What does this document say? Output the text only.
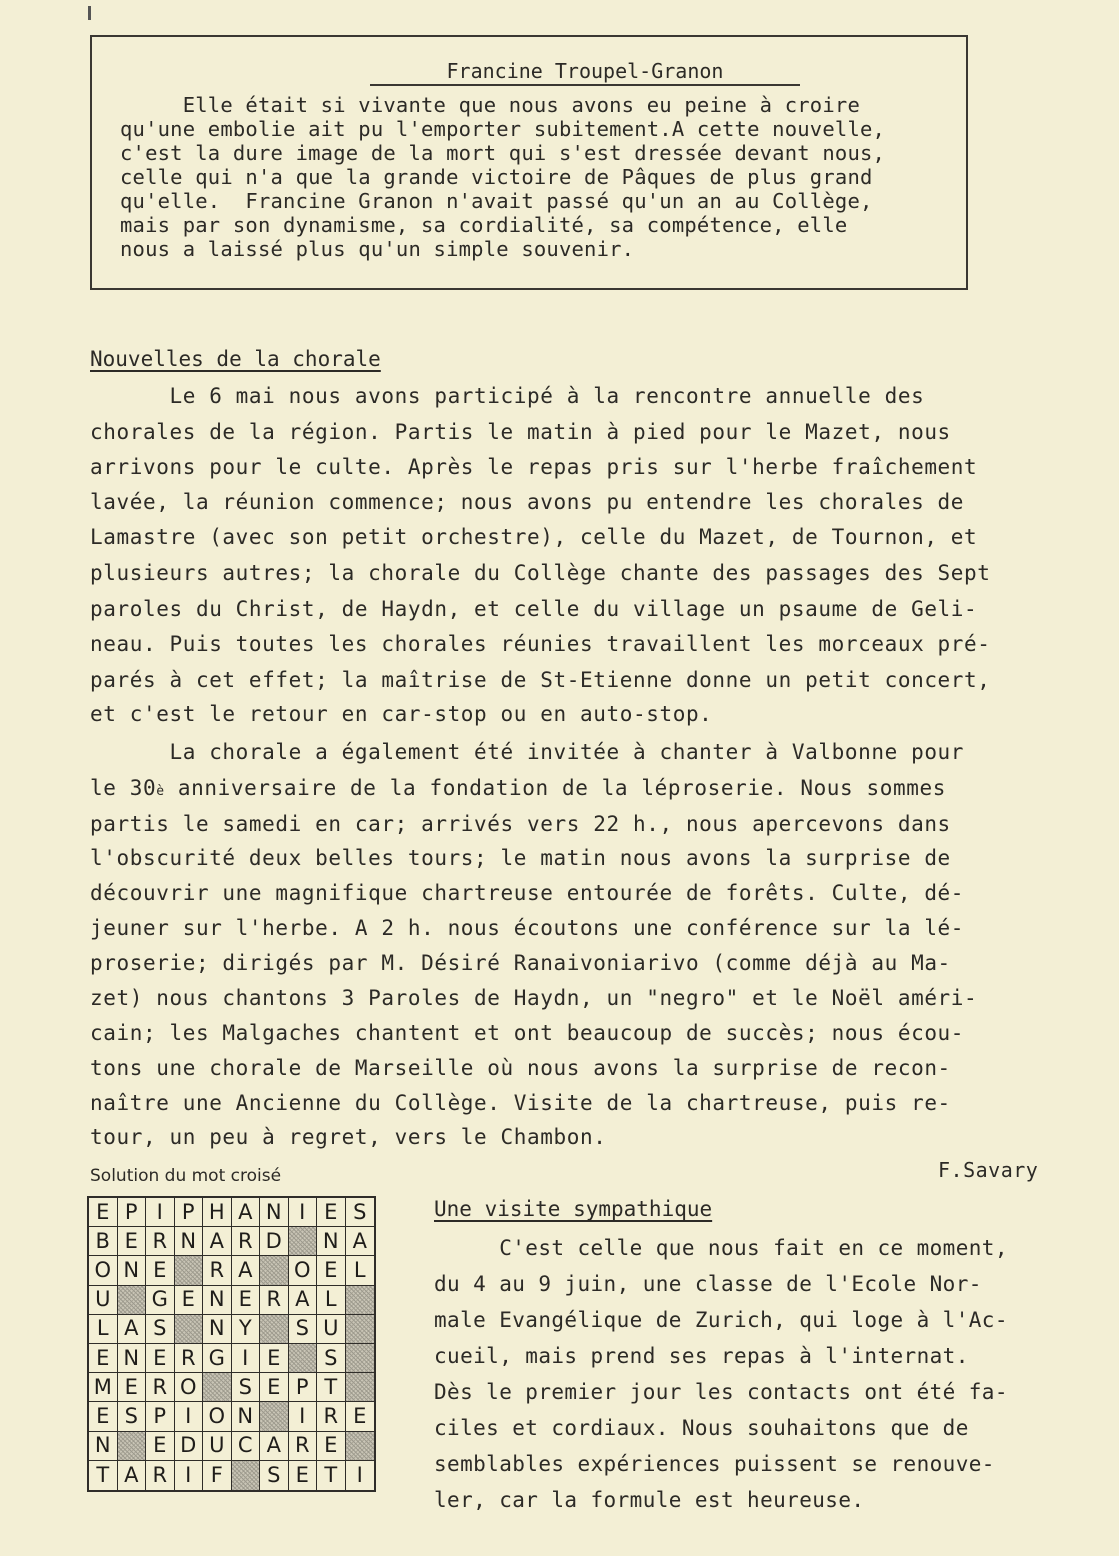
Francine Troupel-Granon
Elle était si vivante que nous avons eu peine à croire
qu'une embolie ait pu l'emporter subitement.A cette nouvelle,
c'est la dure image de la mort qui s'est dressée devant nous,
celle qui n'a que la grande victoire de Pâques de plus grand
qu'elle.  Francine Granon n'avait passé qu'un an au Collège,
mais par son dynamisme, sa cordialité, sa compétence, elle
nous a laissé plus qu'un simple souvenir.
Nouvelles de la chorale
Le 6 mai nous avons participé à la rencontre annuelle des
chorales de la région. Partis le matin à pied pour le Mazet, nous
arrivons pour le culte. Après le repas pris sur l'herbe fraîchement
lavée, la réunion commence; nous avons pu entendre les chorales de
Lamastre (avec son petit orchestre), celle du Mazet, de Tournon, et
plusieurs autres; la chorale du Collège chante des passages des Sept
paroles du Christ, de Haydn, et celle du village un psaume de Geli-
neau. Puis toutes les chorales réunies travaillent les morceaux pré-
parés à cet effet; la maîtrise de St-Etienne donne un petit concert,
et c'est le retour en car-stop ou en auto-stop.
La chorale a également été invitée à chanter à Valbonne pour
le 30è anniversaire de la fondation de la léproserie. Nous sommes
partis le samedi en car; arrivés vers 22 h., nous apercevons dans
l'obscurité deux belles tours; le matin nous avons la surprise de
découvrir une magnifique chartreuse entourée de forêts. Culte, dé-
jeuner sur l'herbe. A 2 h. nous écoutons une conférence sur la lé-
proserie; dirigés par M. Désiré Ranaivoniarivo (comme déjà au Ma-
zet) nous chantons 3 Paroles de Haydn, un "negro" et le Noël améri-
cain; les Malgaches chantent et ont beaucoup de succès; nous écou-
tons une chorale de Marseille où nous avons la surprise de recon-
naître une Ancienne du Collège. Visite de la chartreuse, puis re-
tour, un peu à regret, vers le Chambon.
F.Savary
Solution du mot croisé
E P I P H A N I E S
B E R N A R D	N A
O N E	R A	O E L
U	G E N E R A L
L A S	N Y	S U
E N E R G I E	S
M E R O	S E P T
E S P I O N	I R E
N	E D U C A R E
T A R I F	S E T I
Une visite sympathique
C'est celle que nous fait en ce moment,
du 4 au 9 juin, une classe de l'Ecole Nor-
male Evangélique de Zurich, qui loge à l'Ac-
cueil, mais prend ses repas à l'internat.
Dès le premier jour les contacts ont été fa-
ciles et cordiaux. Nous souhaitons que de
semblables expériences puissent se renouve-
ler, car la formule est heureuse.
